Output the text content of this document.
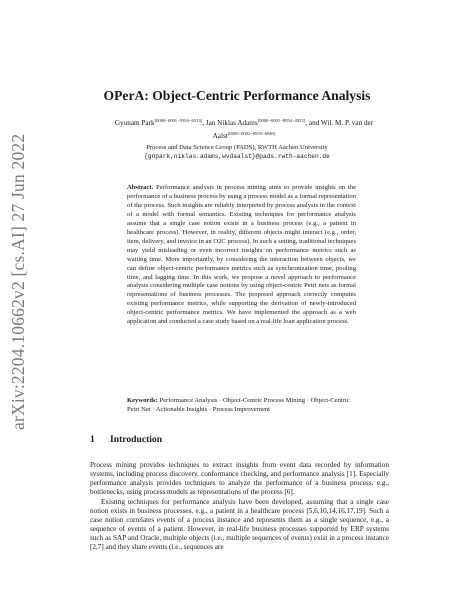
arXiv:2204.10662v2 [cs.AI] 27 Jun 2022
OPerA: Object-Centric Performance Analysis
Gyunam Park[0000−0001−9394−6513], Jan Niklas Adams[0000−0001−8954−4925], and Wil. M. P. van der Aalst[0000−0002−0955−6940]
Process and Data Science Group (PADS), RWTH Aachen University
{gnpark,niklas.adams,wvdaalst}@pads.rwth-aachen.de
Abstract. Performance analysis in process mining aims to provide insights on the performance of a business process by using a process model as a formal representation of the process. Such insights are reliably interpreted by process analysts in the context of a model with formal semantics. Existing techniques for performance analysis assume that a single case notion exists in a business process (e.g., a patient in healthcare process). However, in reality, different objects might interact (e.g., order, item, delivery, and invoice in an O2C process). In such a setting, traditional techniques may yield misleading or even incorrect insights on performance metrics such as waiting time. More importantly, by considering the interaction between objects, we can define object-centric performance metrics such as synchronization time, pooling time, and lagging time. In this work, we propose a novel approach to performance analysis considering multiple case notions by using object-centric Petri nets as formal representations of business processes. The proposed approach correctly computes existing performance metrics, while supporting the derivation of newly-introduced object-centric performance metrics. We have implemented the approach as a web application and conducted a case study based on a real-life loan application process.
Keywords: Performance Analysis · Object-Centric Process Mining · Object-Centric Petri Net · Actionable Insights · Process Improvement
1 Introduction

Process mining provides techniques to extract insights from event data recorded by information systems, including process discovery, conformance checking, and performance analysis [1]. Especially performance analysis provides techniques to analyze the performance of a business process, e.g., bottlenecks, using process models as representations of the process [6].

Existing techniques for performance analysis have been developed, assuming that a single case notion exists in business processes, e.g., a patient in a healthcare process [5,6,10,14,16,17,19]. Such a case notion correlates events of a process instance and represents them as a single sequence, e.g., a sequence of events of a patient. However, in real-life business processes supported by ERP systems such as SAP and Oracle, multiple objects (i.e., multiple sequences of events) exist in a process instance [2,7] and they share events (i.e., sequences are
